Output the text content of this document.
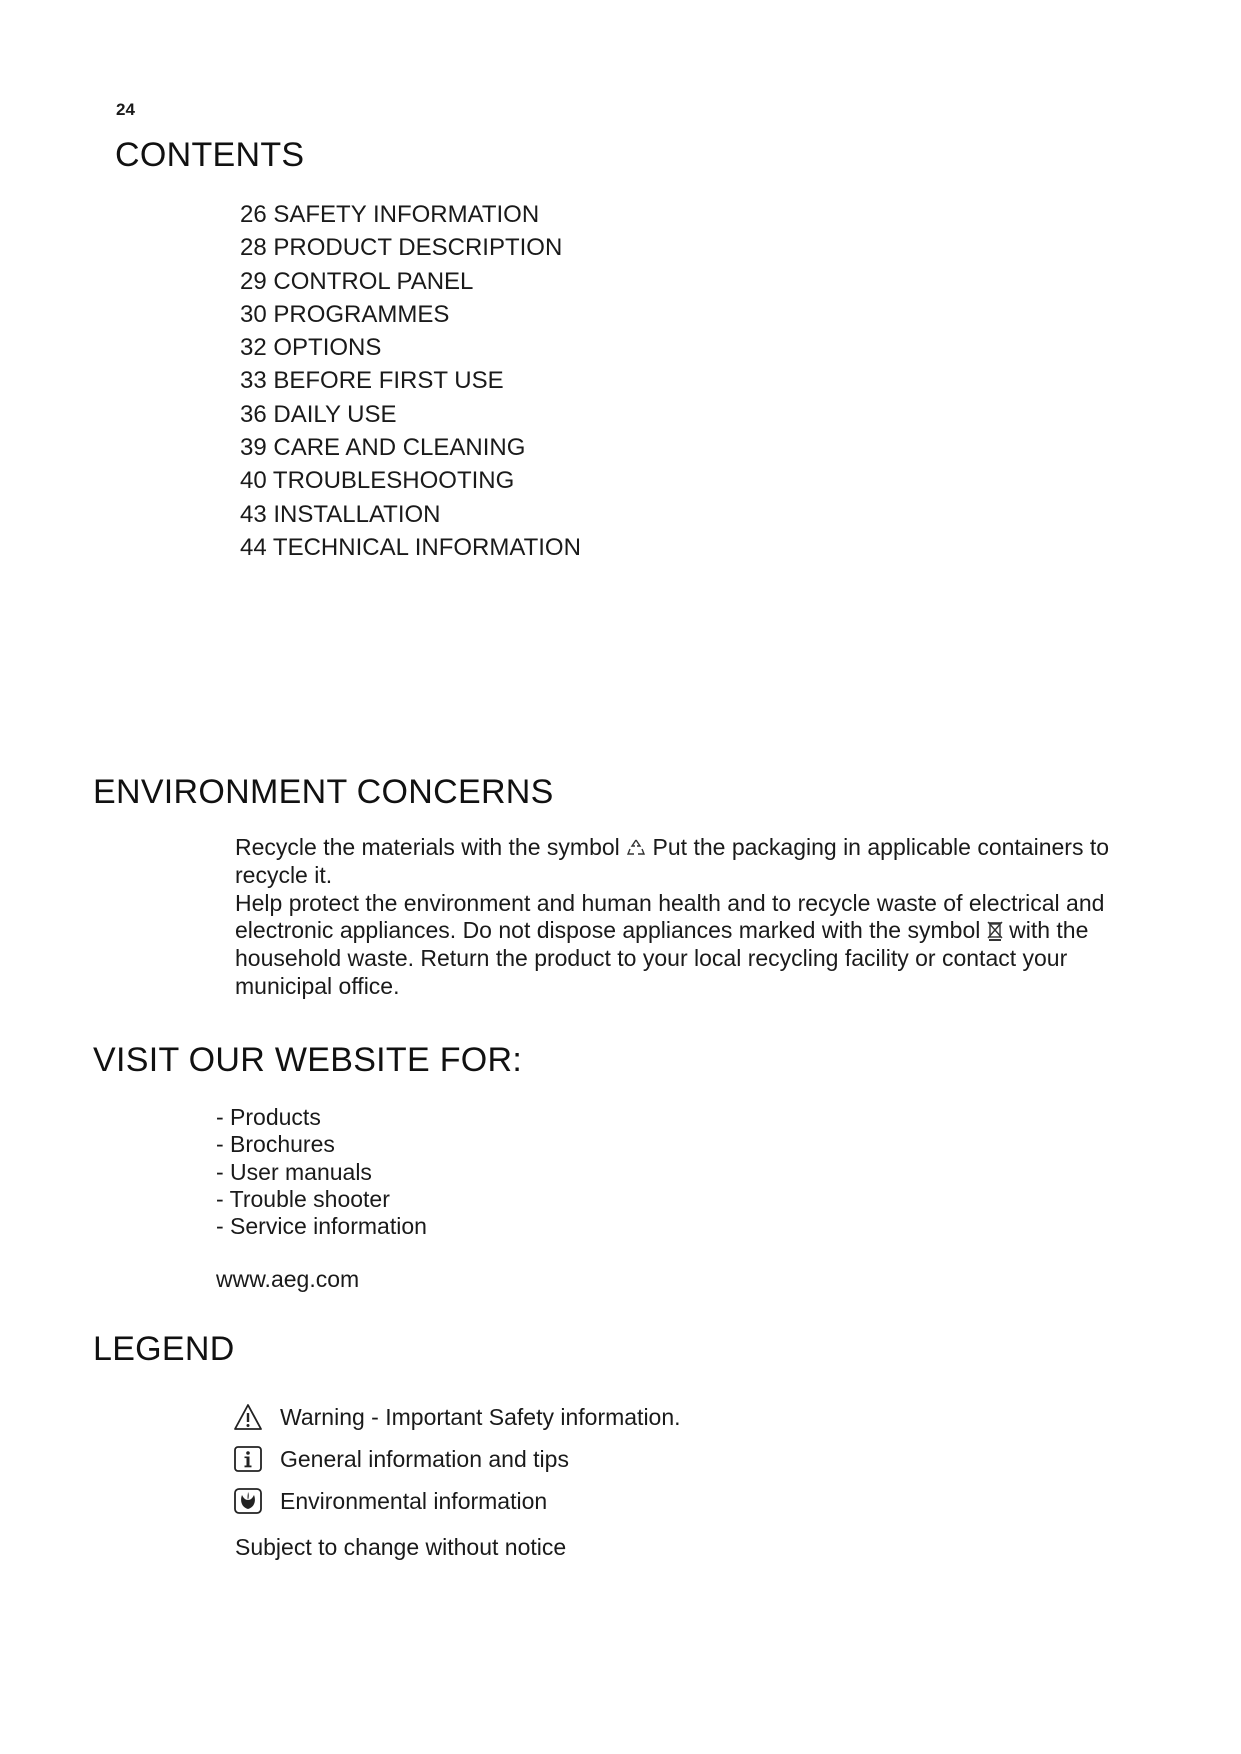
24

CONTENTS
26 SAFETY INFORMATION
28 PRODUCT DESCRIPTION
29 CONTROL PANEL
30 PROGRAMMES
32 OPTIONS
33 BEFORE FIRST USE
36 DAILY USE
39 CARE AND CLEANING
40 TROUBLESHOOTING
43 INSTALLATION
44 TECHNICAL INFORMATION
ENVIRONMENT CONCERNS

Recycle the materials with the symbol Put the packaging in applicable containers to recycle it.

Help protect the environment and human health and to recycle waste of electrical and electronic appliances. Do not dispose appliances marked with the symbol with the household waste. Return the product to your local recycling facility or contact your municipal office.

VISIT OUR WEBSITE FOR:
- Products
- Brochures
- User manuals
- Trouble shooter
- Service information

www.aeg.com

LEGEND
Warning - Important Safety information.
General information and tips
Environmental information

Subject to change without notice
